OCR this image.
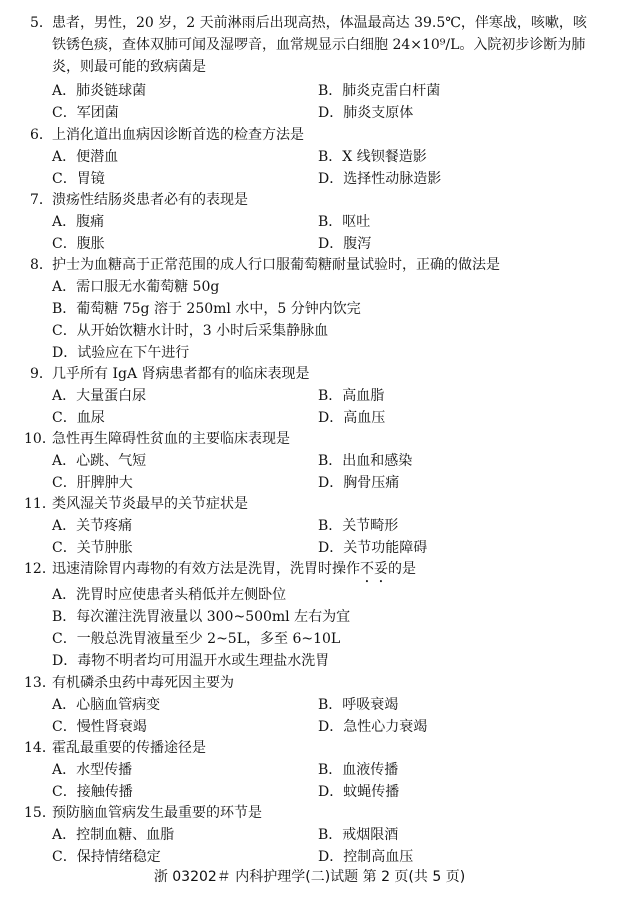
5．患者，男性，20 岁，2 天前淋雨后出现高热，体温最高达 39.5℃，伴寒战，咳嗽，咳
铁锈色痰，查体双肺可闻及湿啰音，血常规显示白细胞 24×10⁹/L。入院初步诊断为肺
炎，则最可能的致病菌是
A．肺炎链球菌	B．肺炎克雷白杆菌
C．军团菌	D．肺炎支原体
6．上消化道出血病因诊断首选的检查方法是
A．便潜血	B．X 线钡餐造影
C．胃镜	D．选择性动脉造影
7．溃疡性结肠炎患者必有的表现是
A．腹痛	B．呕吐
C．腹胀	D．腹泻
8．护士为血糖高于正常范围的成人行口服葡萄糖耐量试验时，正确的做法是
A．需口服无水葡萄糖 50g
B．葡萄糖 75g 溶于 250ml 水中，5 分钟内饮完
C．从开始饮糖水计时，3 小时后采集静脉血
D．试验应在下午进行
9．几乎所有 IgA 肾病患者都有的临床表现是
A．大量蛋白尿	B．高血脂
C．血尿	D．高血压
10．急性再生障碍性贫血的主要临床表现是
A．心跳、气短	B．出血和感染
C．肝脾肿大	D．胸骨压痛
11．类风湿关节炎最早的关节症状是
A．关节疼痛	B．关节畸形
C．关节肿胀	D．关节功能障碍
12．迅速清除胃内毒物的有效方法是洗胃，洗胃时操作不妥的是
A．洗胃时应使患者头稍低并左侧卧位
B．每次灌注洗胃液量以 300~500ml 左右为宜
C．一般总洗胃液量至少 2~5L，多至 6~10L
D．毒物不明者均可用温开水或生理盐水洗胃
13．有机磷杀虫药中毒死因主要为
A．心脑血管病变	B．呼吸衰竭
C．慢性肾衰竭	D．急性心力衰竭
14．霍乱最重要的传播途径是
A．水型传播	B．血液传播
C．接触传播	D．蚊蝇传播
15．预防脑血管病发生最重要的环节是
A．控制血糖、血脂	B．戒烟限酒
C．保持情绪稳定	D．控制高血压
浙 03202＃ 内科护理学(二)试题 第 2 页(共 5 页)
